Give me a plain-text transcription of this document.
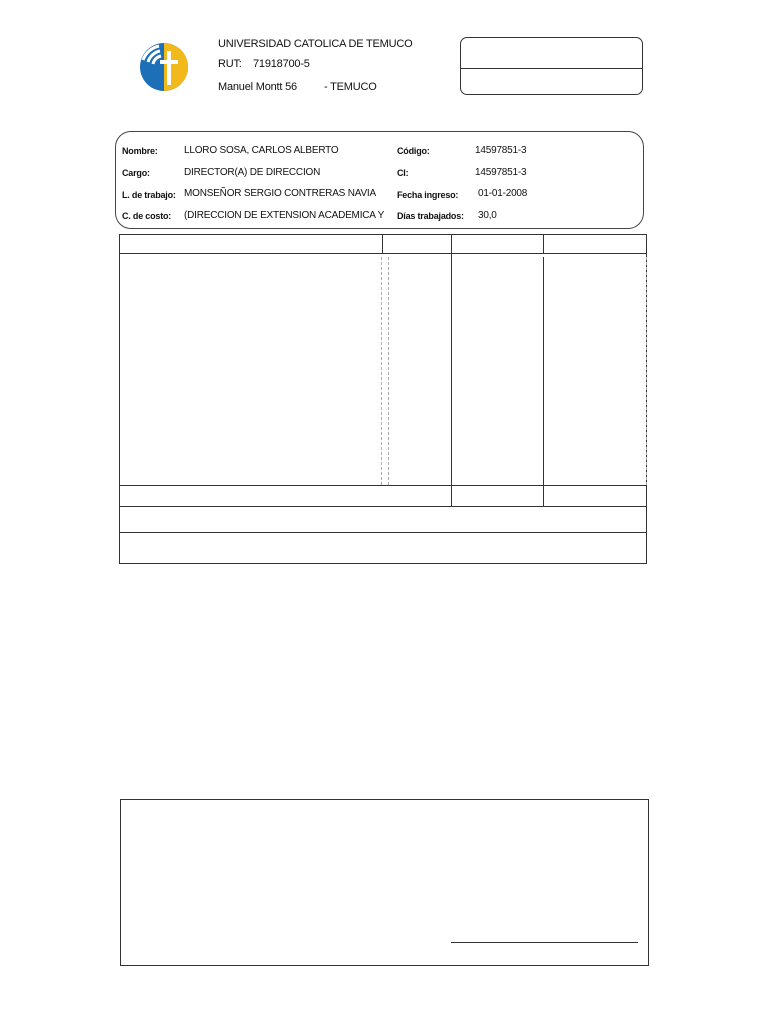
UNIVERSIDAD CATOLICA DE TEMUCO
RUT: 71918700-5
Manuel Montt 56 - TEMUCO
Nombre:	LLORO SOSA, CARLOS ALBERTO
Cargo:	DIRECTOR(A) DE DIRECCION
L. de trabajo: MONSEÑOR SERGIO CONTRERAS NAVIA
C. de costo: (DIRECCION DE EXTENSION ACADEMICA Y
Código:	14597851-3
CI:	14597851-3
Fecha ingreso: 01-01-2008
Días trabajados: 30,0
